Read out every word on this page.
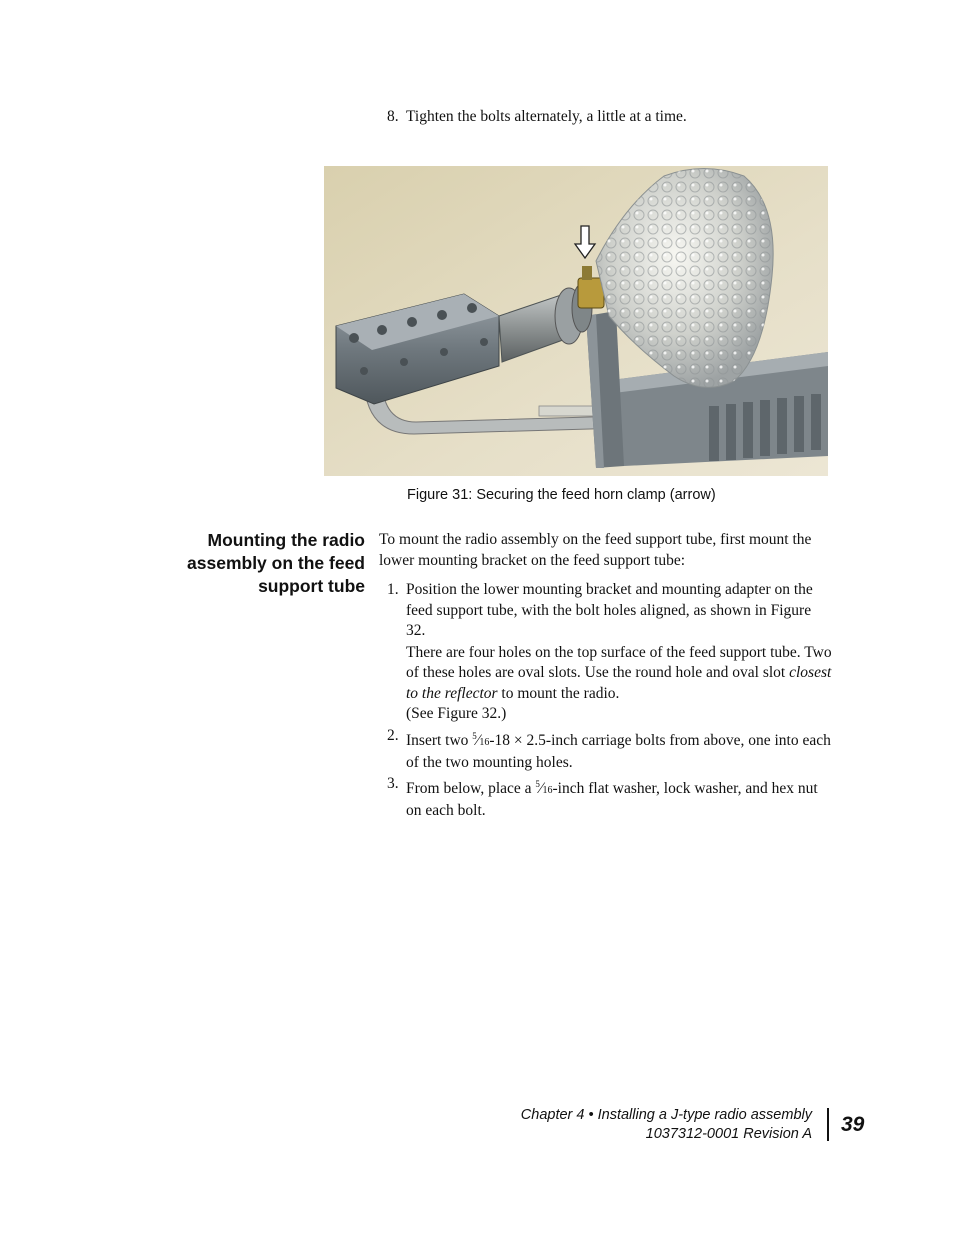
8. Tighten the bolts alternately, a little at a time.
Figure 31: Securing the feed horn clamp (arrow)
Mounting the radio
assembly on the feed
support tube
To mount the radio assembly on the feed support tube, first mount the lower mounting bracket on the feed support tube:
1. Position the lower mounting bracket and mounting adapter on the feed support tube, with the bolt holes aligned, as shown in Figure 32.

There are four holes on the top surface of the feed support tube. Two of these holes are oval slots. Use the round hole and oval slot closest to the reflector to mount the radio.

(See Figure 32.)

2. Insert two $^5$⁄16-18 × 2.5-inch carriage bolts from above, one into each of the two mounting holes.

3. From below, place a $^5$⁄16-inch flat washer, lock washer, and hex nut on each bolt.

Chapter 4 • Installing a J-type radio assembly
1037312-0001 Revision A 39
